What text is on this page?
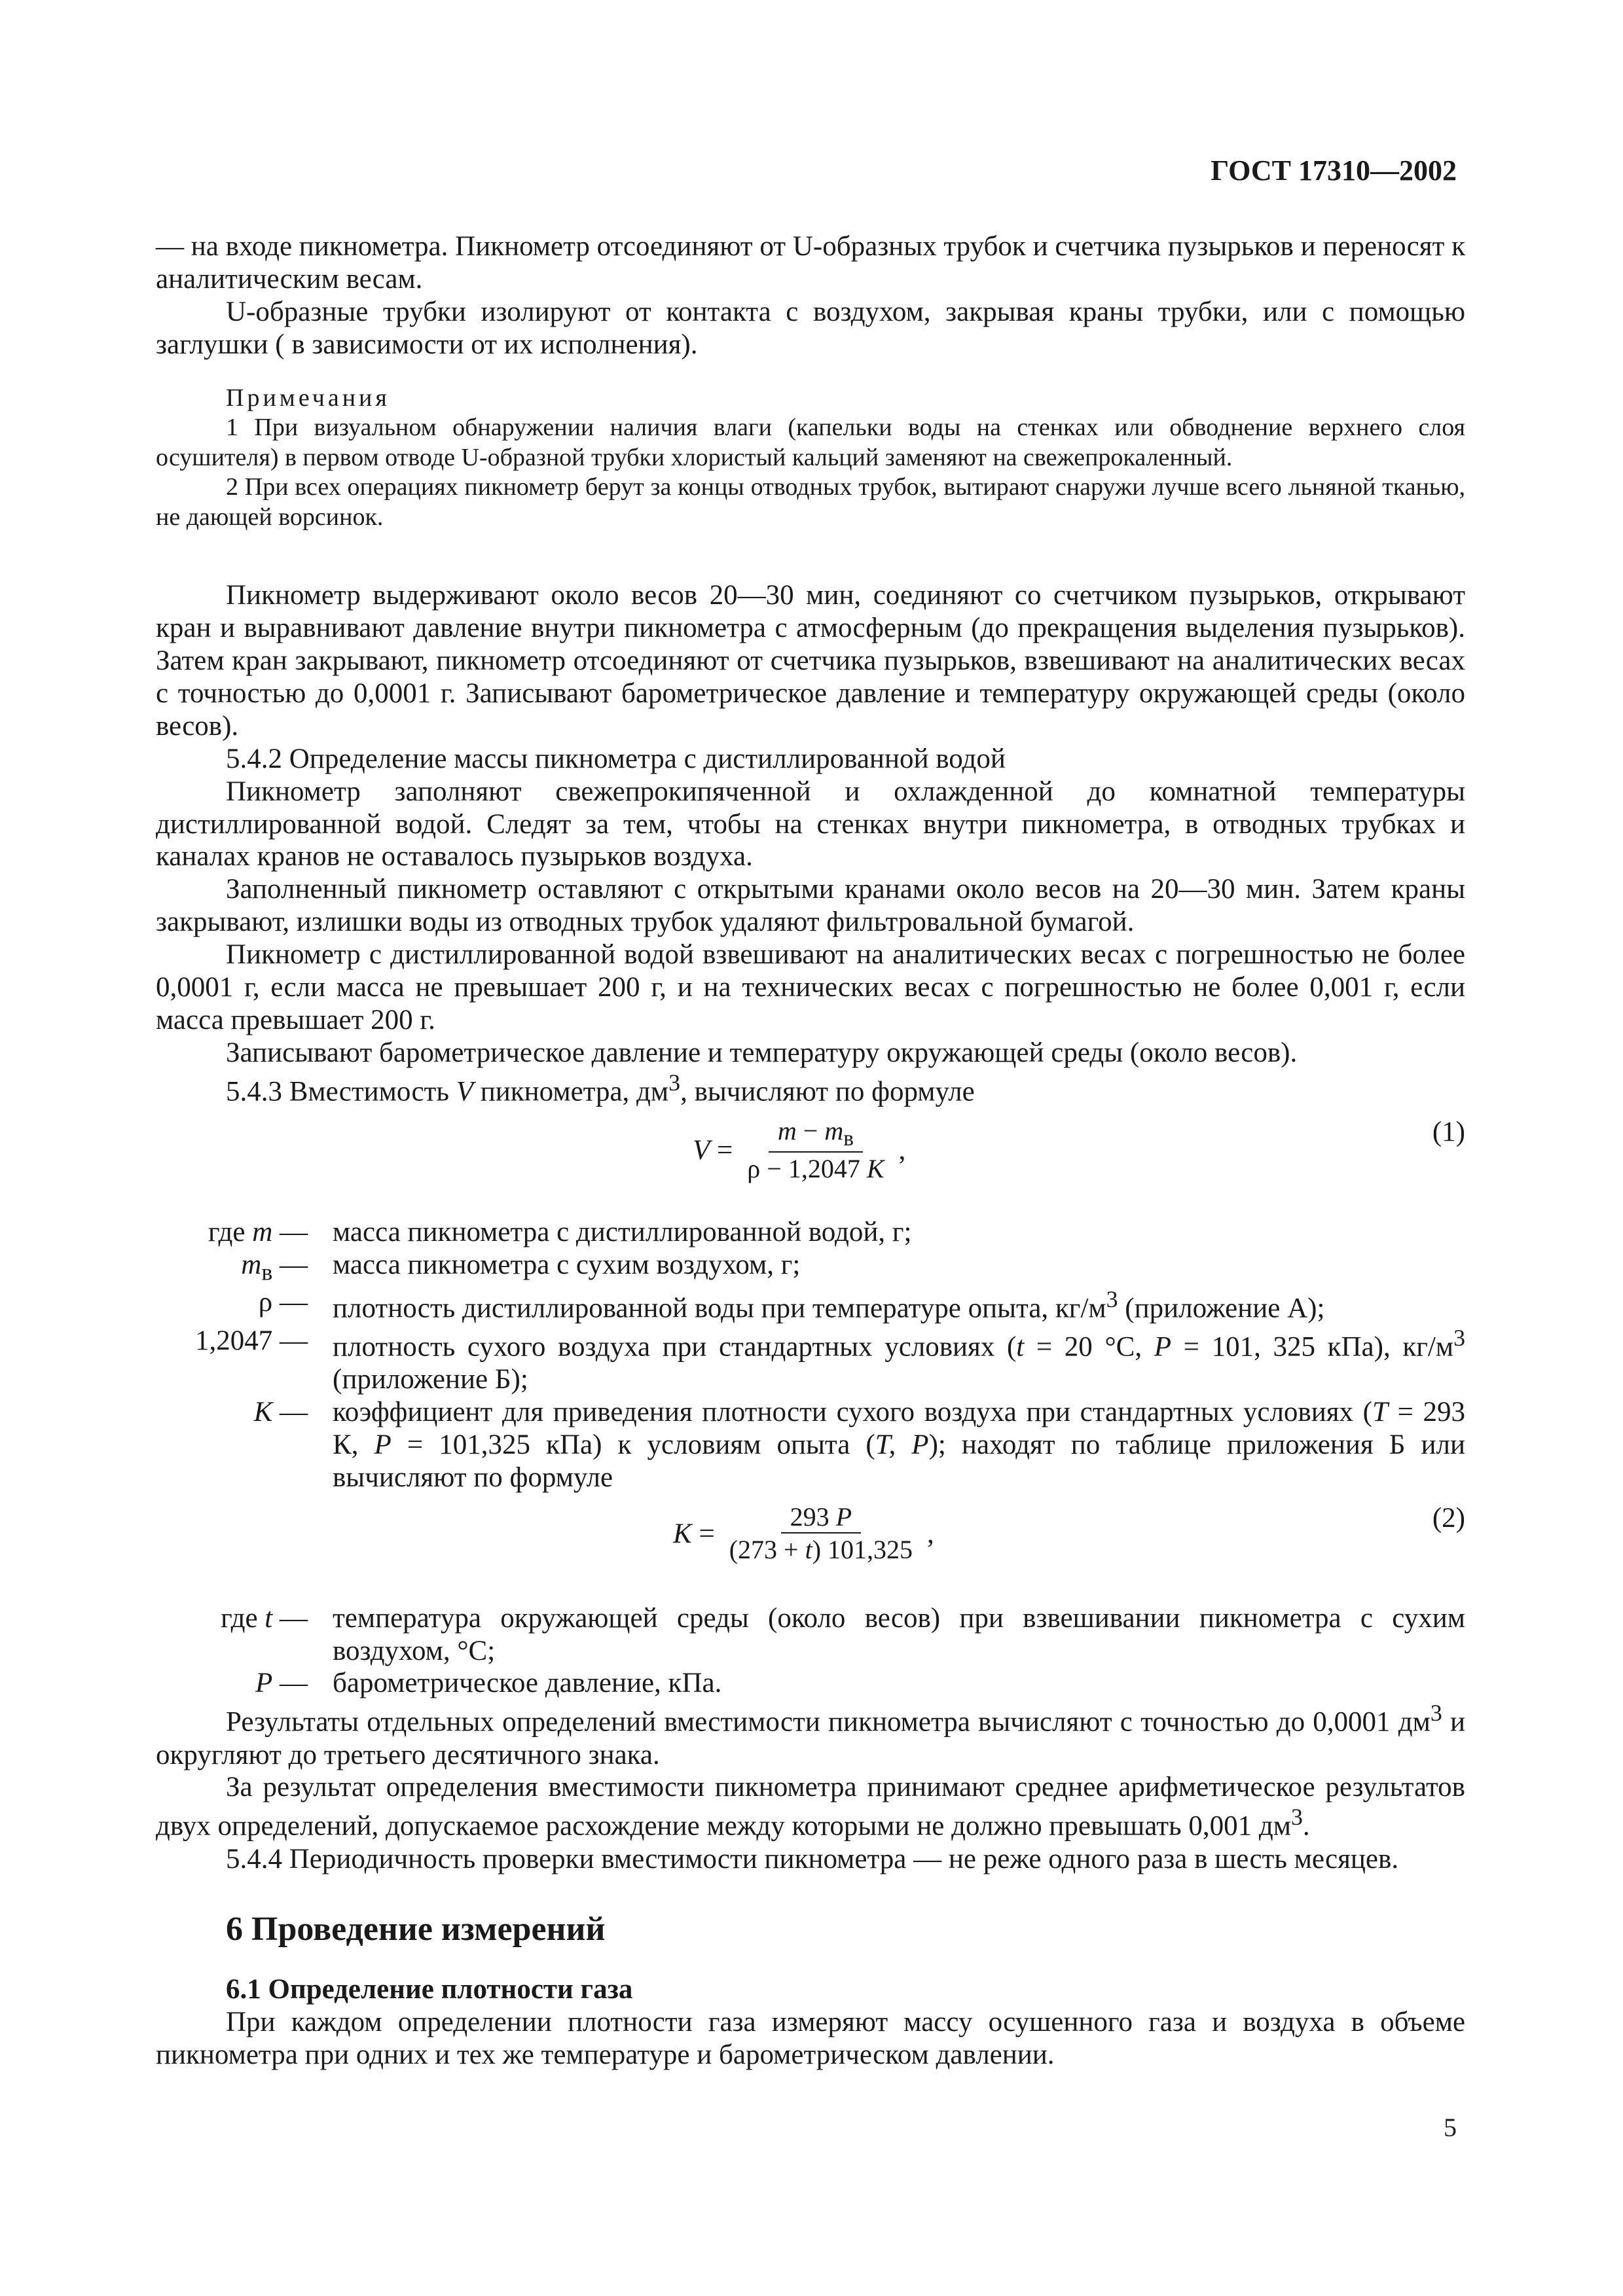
ГОСТ 17310—2002

— на входе пикнометра. Пикнометр отсоединяют от U-образных трубок и счетчика пузырьков и переносят к аналитическим весам.

U-образные трубки изолируют от контакта с воздухом, закрывая краны трубки, или с помощью заглушки ( в зависимости от их исполнения).

Примечания

1 При визуальном обнаружении наличия влаги (капельки воды на стенках или обводнение верхнего слоя осушителя) в первом отводе U-образной трубки хлористый кальций заменяют на свежепрокаленный.

2 При всех операциях пикнометр берут за концы отводных трубок, вытирают снаружи лучше всего льняной тканью, не дающей ворсинок.

Пикнометр выдерживают около весов 20—30 мин, соединяют со счетчиком пузырьков, открывают кран и выравнивают давление внутри пикнометра с атмосферным (до прекращения выделения пузырьков). Затем кран закрывают, пикнометр отсоединяют от счетчика пузырьков, взвешивают на аналитических весах с точностью до 0,0001 г. Записывают барометрическое давление и температуру окружающей среды (около весов).

5.4.2 Определение массы пикнометра с дистиллированной водой

Пикнометр заполняют свежепрокипяченной и охлажденной до комнатной температуры дистиллированной водой. Следят за тем, чтобы на стенках внутри пикнометра, в отводных трубках и каналах кранов не оставалось пузырьков воздуха.

Заполненный пикнометр оставляют с открытыми кранами около весов на 20—30 мин. Затем краны закрывают, излишки воды из отводных трубок удаляют фильтровальной бумагой.

Пикнометр с дистиллированной водой взвешивают на аналитических весах с погрешностью не более 0,0001 г, если масса не превышает 200 г, и на технических весах с погрешностью не более 0,001 г, если масса превышает 200 г.

Записывают барометрическое давление и температуру окружающей среды (около весов).

5.4.3 Вместимость V пикнометра, $дм^3$, вычисляют по формуле

$V = \frac{m - m_в}{\rho - 1,2047 K}$ ,
(1)
где m —	масса пикнометра с дистиллированной водой, г;
$m_в$ —	масса пикнометра с сухим воздухом, г;
ρ —	плотность дистиллированной воды при температуре опыта, $кг/м^3$ (приложение А);
1,2047 —	плотность сухого воздуха при стандартных условиях (t = 20 °С, P = 101, 325 кПа), $кг/м^3$ (приложение Б);
K —	коэффициент для приведения плотности сухого воздуха при стандартных условиях (T = 293 К, P = 101,325 кПа) к условиям опыта (T, P); находят по таблице приложения Б или вычисляют по формуле
$K = \frac{293 P}{(273 + t) 101,325}$ ,
(2)
где t —	температура окружающей среды (около весов) при взвешивании пикнометра с сухим воздухом, °С;
P —	барометрическое давление, кПа.

Результаты отдельных определений вместимости пикнометра вычисляют с точностью до 0,0001 $дм^3$ и округляют до третьего десятичного знака.

За результат определения вместимости пикнометра принимают среднее арифметическое результатов двух определений, допускаемое расхождение между которыми не должно превышать 0,001 $дм^3$.

5.4.4 Периодичность проверки вместимости пикнометра — не реже одного раза в шесть месяцев.

6 Проведение измерений
6.1 Определение плотности газа

При каждом определении плотности газа измеряют массу осушенного газа и воздуха в объеме пикнометра при одних и тех же температуре и барометрическом давлении.

5
